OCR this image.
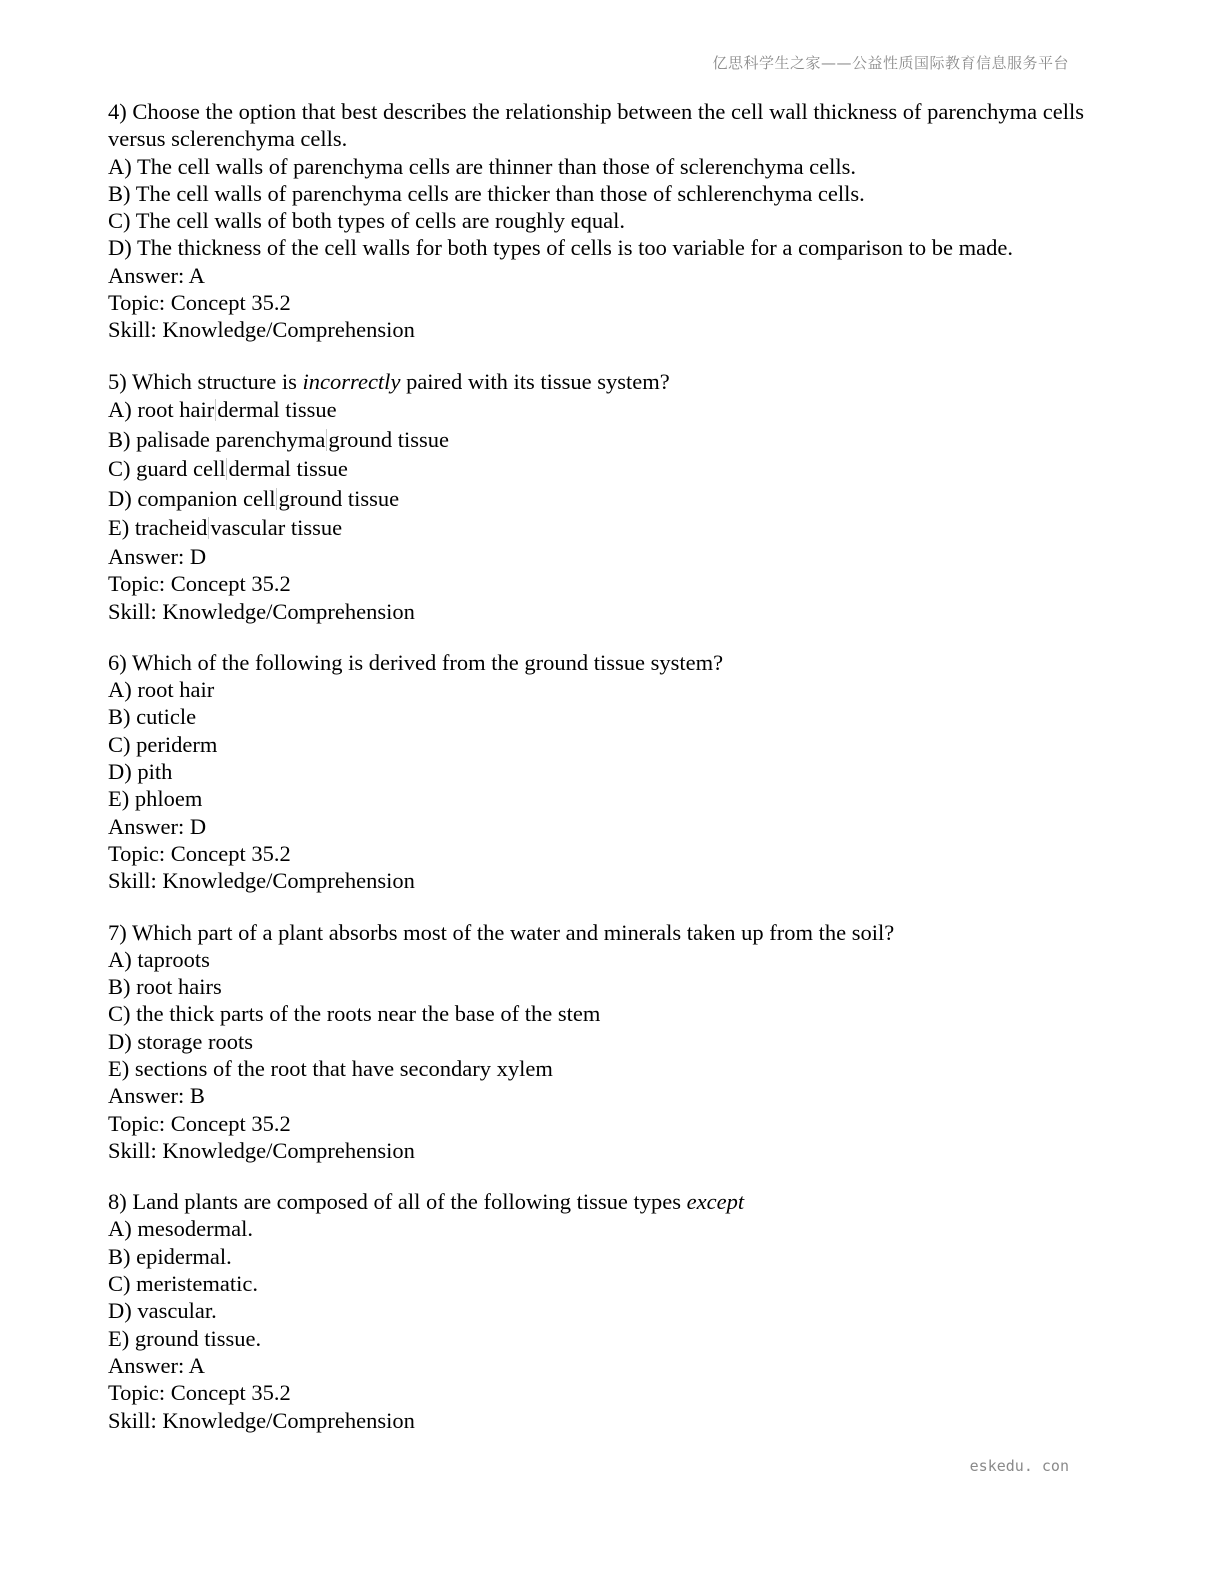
亿思科学生之家——公益性质国际教育信息服务平台
4) Choose the option that best describes the relationship between the cell wall thickness of parenchyma cells versus sclerenchyma cells.
A) The cell walls of parenchyma cells are thinner than those of sclerenchyma cells.
B) The cell walls of parenchyma cells are thicker than those of schlerenchyma cells.
C) The cell walls of both types of cells are roughly equal.
D) The thickness of the cell walls for both types of cells is too variable for a comparison to be made.
Answer: A
Topic: Concept 35.2
Skill: Knowledge/Comprehension
5) Which structure is incorrectly paired with its tissue system?
A) root hair dermal tissue
B) palisade parenchyma ground tissue
C) guard cell dermal tissue
D) companion cell ground tissue
E) tracheid vascular tissue
Answer: D
Topic: Concept 35.2
Skill: Knowledge/Comprehension
6) Which of the following is derived from the ground tissue system?
A) root hair
B) cuticle
C) periderm
D) pith
E) phloem
Answer: D
Topic: Concept 35.2
Skill: Knowledge/Comprehension
7) Which part of a plant absorbs most of the water and minerals taken up from the soil?
A) taproots
B) root hairs
C) the thick parts of the roots near the base of the stem
D) storage roots
E) sections of the root that have secondary xylem
Answer: B
Topic: Concept 35.2
Skill: Knowledge/Comprehension
8) Land plants are composed of all of the following tissue types except
A) mesodermal.
B) epidermal.
C) meristematic.
D) vascular.
E) ground tissue.
Answer: A
Topic: Concept 35.2
Skill: Knowledge/Comprehension
eskedu. con
